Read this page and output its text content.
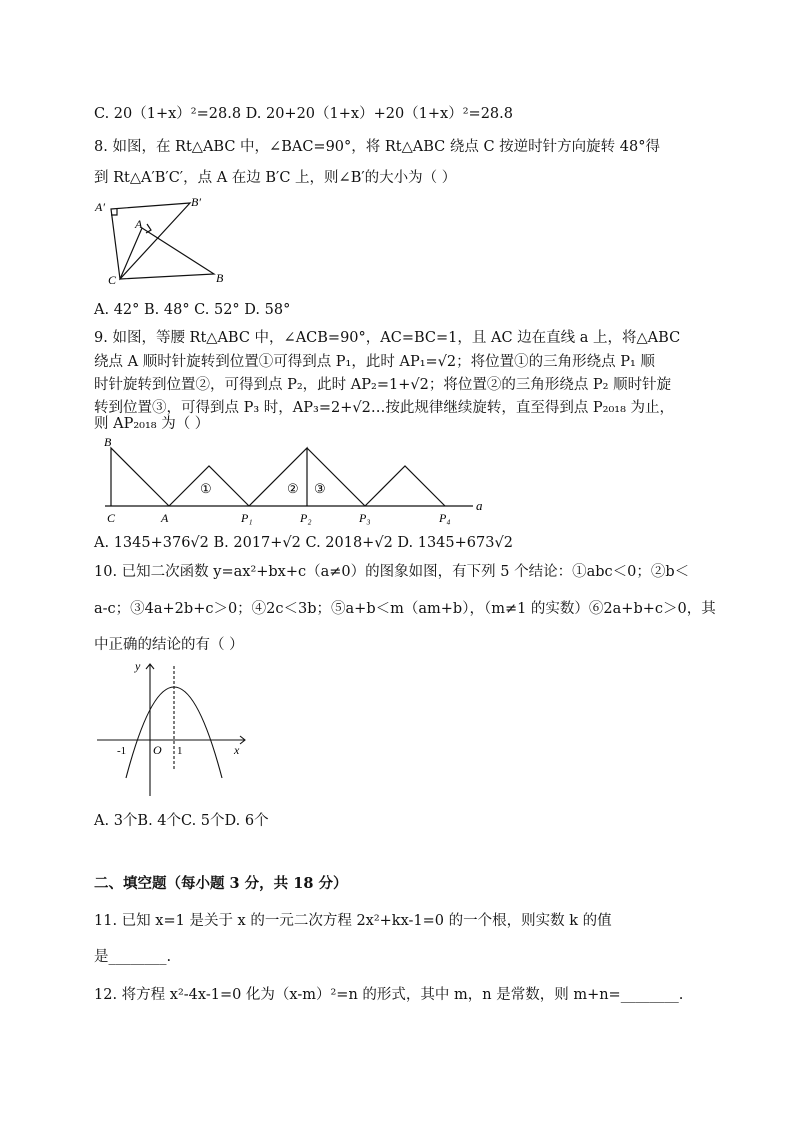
C. 20（1+x）²=28.8 D. 20+20（1+x）+20（1+x）²=28.8
8. 如图，在 Rt△ABC 中，∠BAC=90°，将 Rt△ABC 绕点 C 按逆时针方向旋转 48°得
到 Rt△A′B′C′，点 A 在边 B′C 上，则∠B′的大小为（ ）
A′	B′
A
C	B
A. 42° B. 48° C. 52° D. 58°
9. 如图，等腰 Rt△ABC 中，∠ACB=90°，AC=BC=1，且 AC 边在直线 a 上，将△ABC
绕点 A 顺时针旋转到位置①可得到点 P₁，此时 AP₁=√2；将位置①的三角形绕点 P₁ 顺
时针旋转到位置②，可得到点 P₂，此时 AP₂=1+√2；将位置②的三角形绕点 P₂ 顺时针旋
转到位置③，可得到点 P₃ 时，AP₃=2+√2…按此规律继续旋转，直至得到点 P₂₀₁₈ 为止，
则 AP₂₀₁₈ 为（ ）
B
C	A	P₁	P₂	P₃	P₄
a
①	② ③
A. 1345+376√2 B. 2017+√2 C. 2018+√2 D. 1345+673√2
10. 已知二次函数 y=ax²+bx+c（a≠0）的图象如图，有下列 5 个结论：①abc＜0；②b＜
a-c；③4a+2b+c＞0；④2c＜3b；⑤a+b＜m（am+b），（m≠1 的实数）⑥2a+b+c＞0，其
中正确的结论的有（ ）
y
x
O
-1	1
A. 3个B. 4个C. 5个D. 6个
二、填空题（每小题 3 分，共 18 分）
11. 已知 x=1 是关于 x 的一元二次方程 2x²+kx-1=0 的一个根，则实数 k 的值
是________.
12. 将方程 x²-4x-1=0 化为（x-m）²=n 的形式，其中 m，n 是常数，则 m+n=________.
